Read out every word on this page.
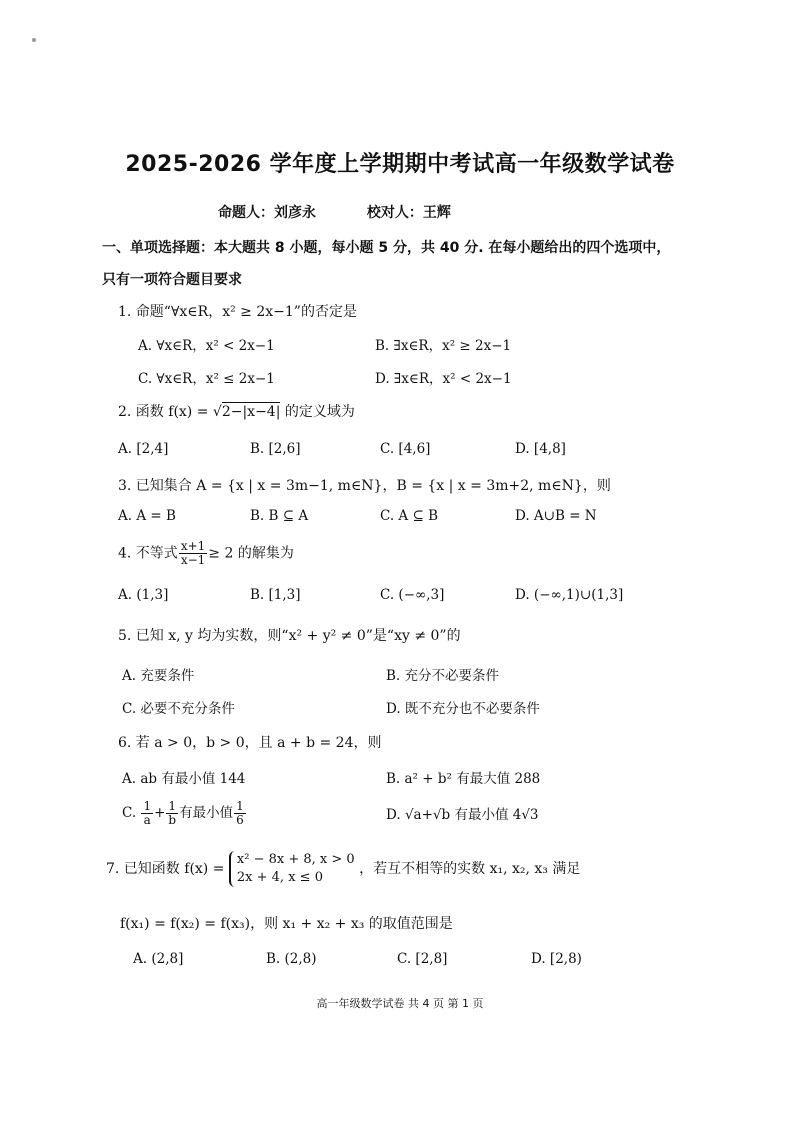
2025-2026 学年度上学期期中考试高一年级数学试卷
命题人：刘彦永	校对人：王辉
一、单项选择题：本大题共 8 小题，每小题 5 分，共 40 分. 在每小题给出的四个选项中，
只有一项符合题目要求
1. 命题“∀x∈R，x² ≥ 2x−1”的否定是
A. ∀x∈R，x² < 2x−1	B. ∃x∈R，x² ≥ 2x−1
C. ∀x∈R，x² ≤ 2x−1	D. ∃x∈R，x² < 2x−1
2. 函数 f(x) = √2−|x−4| 的定义域为
A. [2,4]	B. [2,6]	C. [4,6]	D. [4,8]
3. 已知集合 A = {x | x = 3m−1, m∈N}，B = {x | x = 3m+2, m∈N}，则
A. A = B	B. B ⊆ A	C. A ⊆ B	D. A∪B = N
4. 不等式 $\frac{x+1}{x-1} \ge 2$ 的解集为
A. (1,3]	B. [1,3]	C. (−∞,3]	D. (−∞,1)∪(1,3]
5. 已知 x, y 均为实数，则“x² + y² ≠ 0”是“xy ≠ 0”的
A. 充要条件	B. 充分不必要条件
C. 必要不充分条件	D. 既不充分也不必要条件
6. 若 a > 0，b > 0，且 a + b = 24，则
A. ab 有最小值 144	B. a² + b² 有最大值 288
C. $\frac{1}{a} + \frac{1}{b}$ 有最小值 $\frac{1}{6}$	D. √a+√b 有最小值 4√3
7. 已知函数 f(x) =
x² − 8x + 8, x > 0
2x + 4, x ≤ 0
，若互不相等的实数 x₁, x₂, x₃ 满足
f(x₁) = f(x₂) = f(x₃)，则 x₁ + x₂ + x₃ 的取值范围是
A. (2,8]	B. (2,8)	C. [2,8]	D. [2,8)
高一年级数学试卷 共 4 页 第 1 页
